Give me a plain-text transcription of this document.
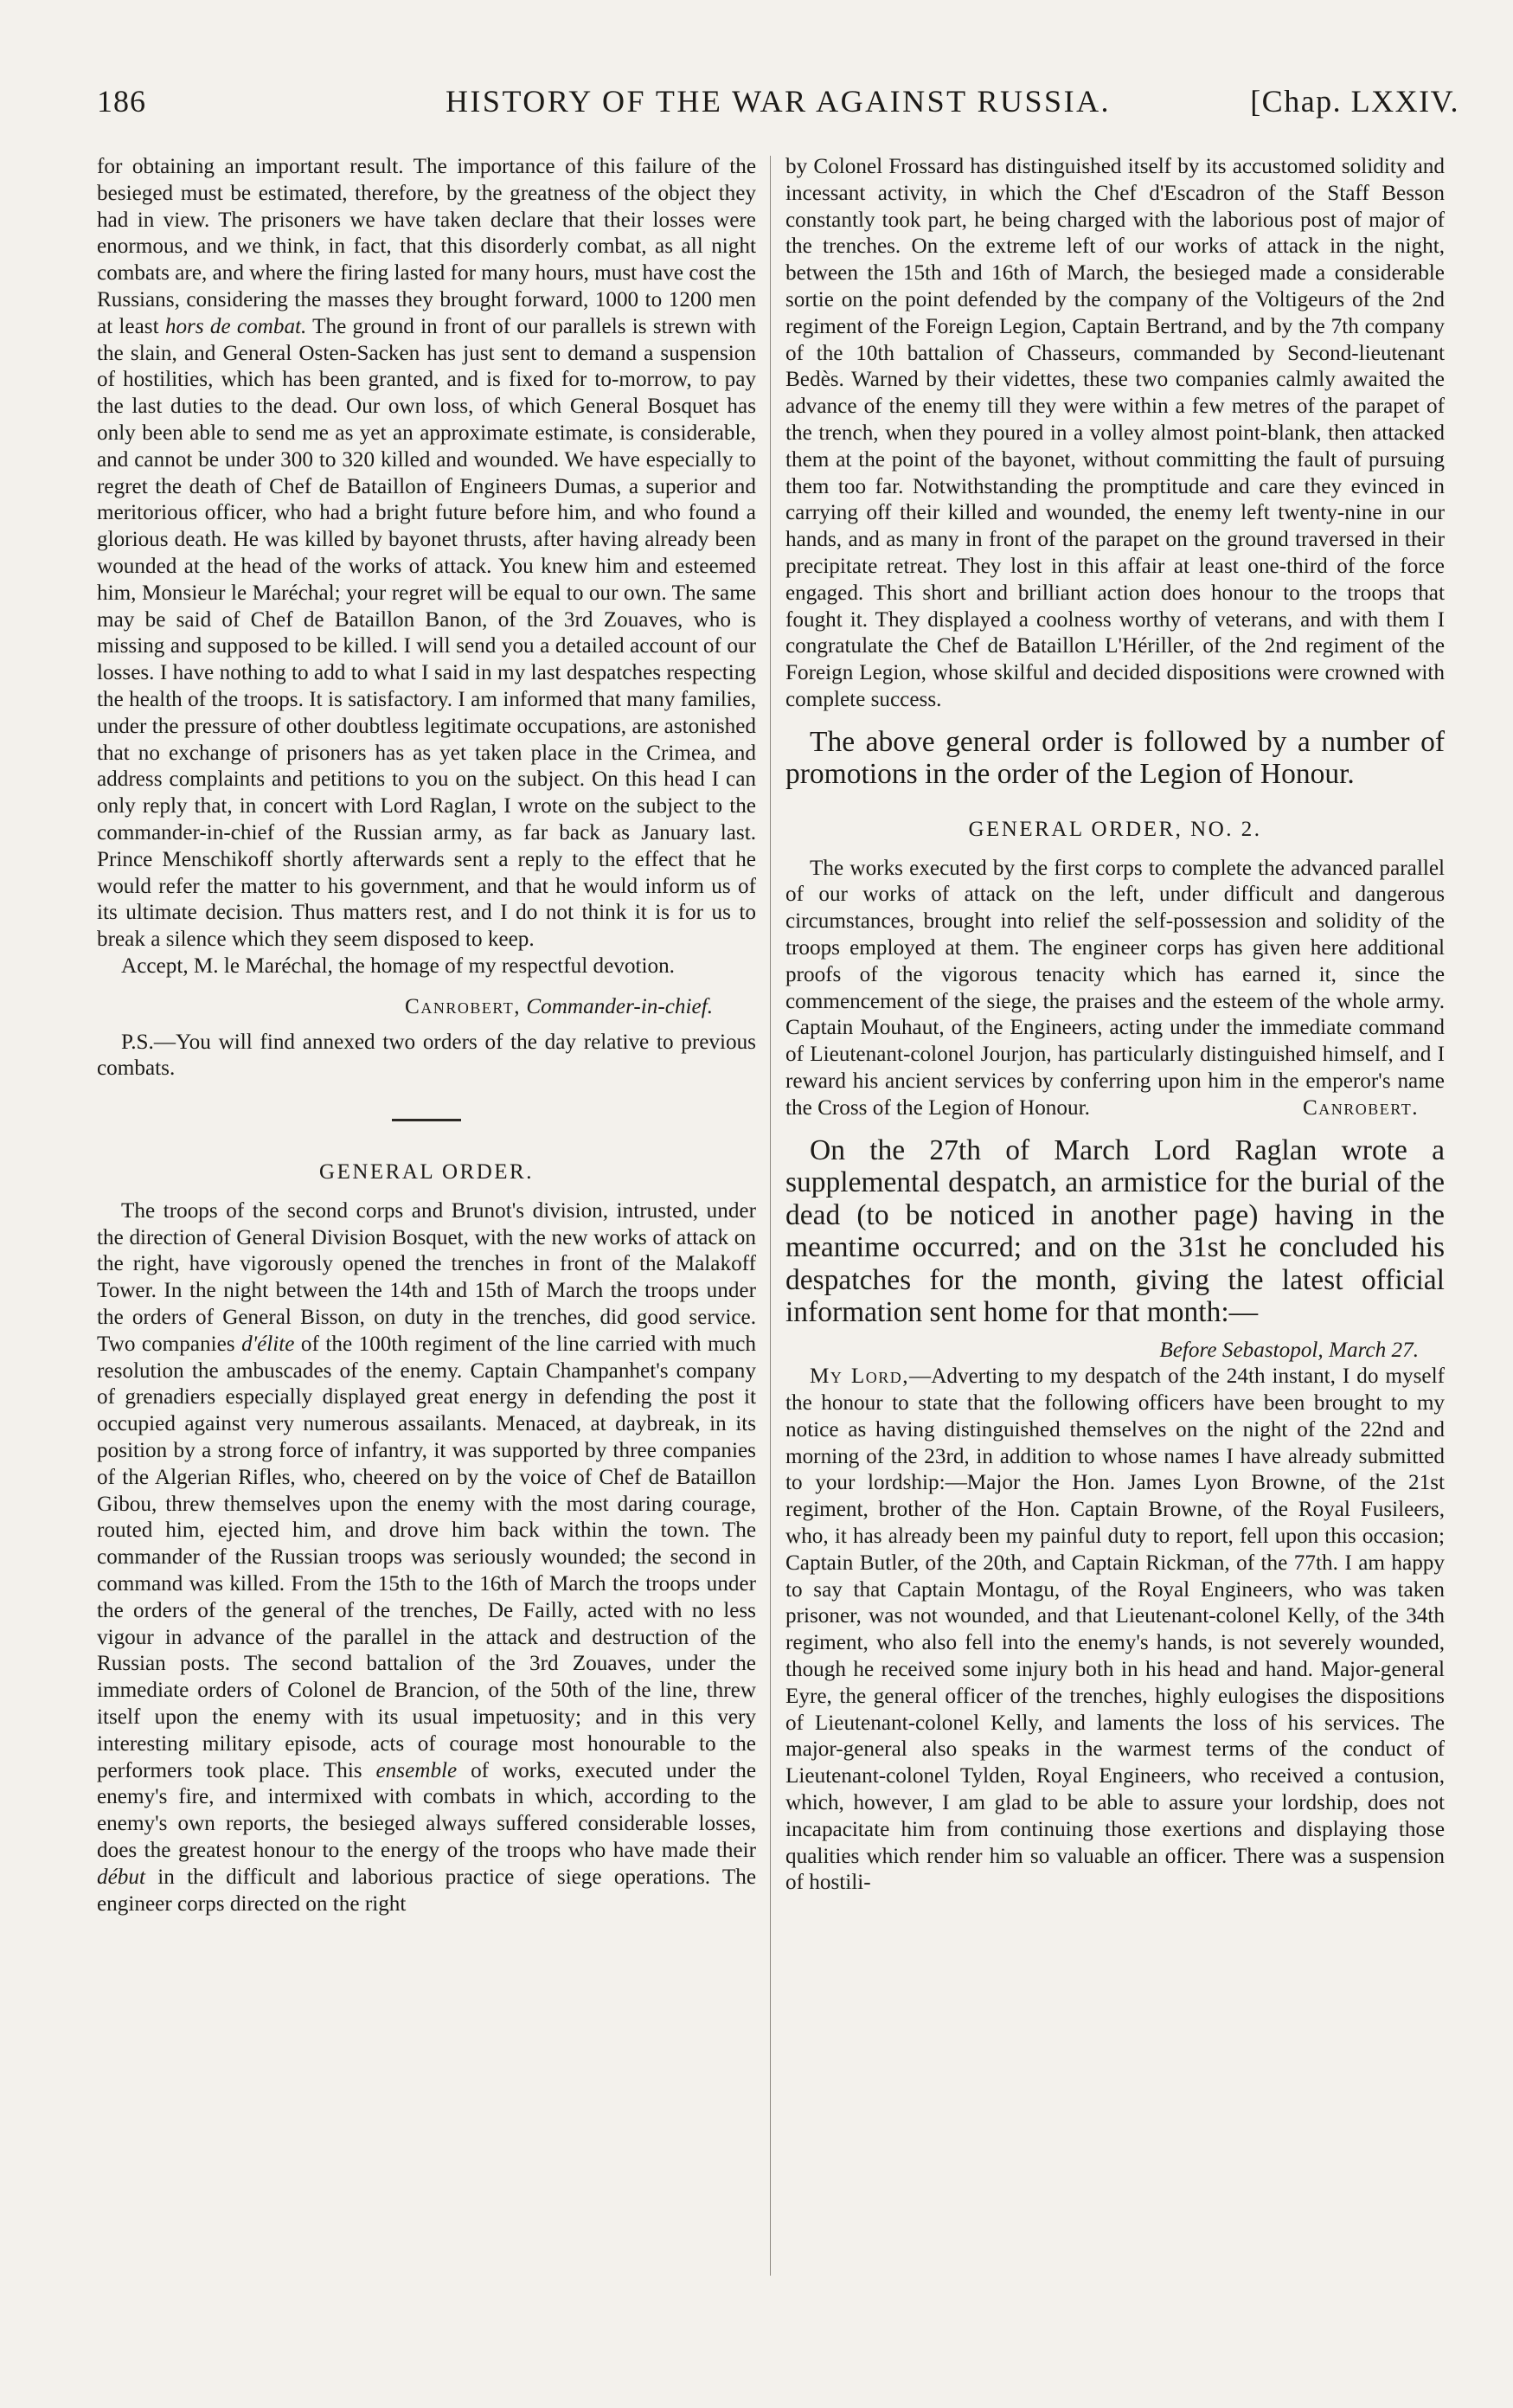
186	HISTORY OF THE WAR AGAINST RUSSIA.	[Chap. LXXIV.

for obtaining an important result. The importance of this failure of the besieged must be estimated, therefore, by the greatness of the object they had in view. The prisoners we have taken declare that their losses were enormous, and we think, in fact, that this disorderly combat, as all night combats are, and where the firing lasted for many hours, must have cost the Russians, considering the masses they brought forward, 1000 to 1200 men at least hors de combat. The ground in front of our parallels is strewn with the slain, and General Osten-Sacken has just sent to demand a suspension of hostilities, which has been granted, and is fixed for to-morrow, to pay the last duties to the dead. Our own loss, of which General Bosquet has only been able to send me as yet an approximate estimate, is considerable, and cannot be under 300 to 320 killed and wounded. We have especially to regret the death of Chef de Bataillon of Engineers Dumas, a superior and meritorious officer, who had a bright future before him, and who found a glorious death. He was killed by bayonet thrusts, after having already been wounded at the head of the works of attack. You knew him and esteemed him, Monsieur le Maréchal; your regret will be equal to our own. The same may be said of Chef de Bataillon Banon, of the 3rd Zouaves, who is missing and supposed to be killed. I will send you a detailed account of our losses. I have nothing to add to what I said in my last despatches respecting the health of the troops. It is satisfactory. I am informed that many families, under the pressure of other doubtless legitimate occupations, are astonished that no exchange of prisoners has as yet taken place in the Crimea, and address complaints and petitions to you on the subject. On this head I can only reply that, in concert with Lord Raglan, I wrote on the subject to the commander-in-chief of the Russian army, as far back as January last. Prince Menschikoff shortly afterwards sent a reply to the effect that he would refer the matter to his government, and that he would inform us of its ultimate decision. Thus matters rest, and I do not think it is for us to break a silence which they seem disposed to keep.

Accept, M. le Maréchal, the homage of my respectful devotion.

Canrobert, Commander-in-chief.

P.S.—You will find annexed two orders of the day relative to previous combats.

GENERAL ORDER.

The troops of the second corps and Brunot's division, intrusted, under the direction of General Division Bosquet, with the new works of attack on the right, have vigorously opened the trenches in front of the Malakoff Tower. In the night between the 14th and 15th of March the troops under the orders of General Bisson, on duty in the trenches, did good service. Two companies d'élite of the 100th regiment of the line carried with much resolution the ambuscades of the enemy. Captain Champanhet's company of grenadiers especially displayed great energy in defending the post it occupied against very numerous assailants. Menaced, at daybreak, in its position by a strong force of infantry, it was supported by three companies of the Algerian Rifles, who, cheered on by the voice of Chef de Bataillon Gibou, threw themselves upon the enemy with the most daring courage, routed him, ejected him, and drove him back within the town. The commander of the Russian troops was seriously wounded; the second in command was killed. From the 15th to the 16th of March the troops under the orders of the general of the trenches, De Failly, acted with no less vigour in advance of the parallel in the attack and destruction of the Russian posts. The second battalion of the 3rd Zouaves, under the immediate orders of Colonel de Brancion, of the 50th of the line, threw itself upon the enemy with its usual impetuosity; and in this very interesting military episode, acts of courage most honourable to the performers took place. This ensemble of works, executed under the enemy's fire, and intermixed with combats in which, according to the enemy's own reports, the besieged always suffered considerable losses, does the greatest honour to the energy of the troops who have made their début in the difficult and laborious practice of siege operations. The engineer corps directed on the right

by Colonel Frossard has distinguished itself by its accustomed solidity and incessant activity, in which the Chef d'Escadron of the Staff Besson constantly took part, he being charged with the laborious post of major of the trenches. On the extreme left of our works of attack in the night, between the 15th and 16th of March, the besieged made a considerable sortie on the point defended by the company of the Voltigeurs of the 2nd regiment of the Foreign Legion, Captain Bertrand, and by the 7th company of the 10th battalion of Chasseurs, commanded by Second-lieutenant Bedès. Warned by their videttes, these two companies calmly awaited the advance of the enemy till they were within a few metres of the parapet of the trench, when they poured in a volley almost point-blank, then attacked them at the point of the bayonet, without committing the fault of pursuing them too far. Notwithstanding the promptitude and care they evinced in carrying off their killed and wounded, the enemy left twenty-nine in our hands, and as many in front of the parapet on the ground traversed in their precipitate retreat. They lost in this affair at least one-third of the force engaged. This short and brilliant action does honour to the troops that fought it. They displayed a coolness worthy of veterans, and with them I congratulate the Chef de Bataillon L'Hériller, of the 2nd regiment of the Foreign Legion, whose skilful and decided dispositions were crowned with complete success.

The above general order is followed by a number of promotions in the order of the Legion of Honour.

GENERAL ORDER, NO. 2.

The works executed by the first corps to complete the advanced parallel of our works of attack on the left, under difficult and dangerous circumstances, brought into relief the self-possession and solidity of the troops employed at them. The engineer corps has given here additional proofs of the vigorous tenacity which has earned it, since the commencement of the siege, the praises and the esteem of the whole army. Captain Mouhaut, of the Engineers, acting under the immediate command of Lieutenant-colonel Jourjon, has particularly distinguished himself, and I reward his ancient services by conferring upon him in the emperor's name the Cross of the Legion of Honour.	Canrobert.

On the 27th of March Lord Raglan wrote a supplemental despatch, an armistice for the burial of the dead (to be noticed in another page) having in the meantime occurred; and on the 31st he concluded his despatches for the month, giving the latest official information sent home for that month:—

Before Sebastopol, March 27.

My Lord,—Adverting to my despatch of the 24th instant, I do myself the honour to state that the following officers have been brought to my notice as having distinguished themselves on the night of the 22nd and morning of the 23rd, in addition to whose names I have already submitted to your lordship:—Major the Hon. James Lyon Browne, of the 21st regiment, brother of the Hon. Captain Browne, of the Royal Fusileers, who, it has already been my painful duty to report, fell upon this occasion; Captain Butler, of the 20th, and Captain Rickman, of the 77th. I am happy to say that Captain Montagu, of the Royal Engineers, who was taken prisoner, was not wounded, and that Lieutenant-colonel Kelly, of the 34th regiment, who also fell into the enemy's hands, is not severely wounded, though he received some injury both in his head and hand. Major-general Eyre, the general officer of the trenches, highly eulogises the dispositions of Lieutenant-colonel Kelly, and laments the loss of his services. The major-general also speaks in the warmest terms of the conduct of Lieutenant-colonel Tylden, Royal Engineers, who received a contusion, which, however, I am glad to be able to assure your lordship, does not incapacitate him from continuing those exertions and displaying those qualities which render him so valuable an officer. There was a suspension of hostili-
